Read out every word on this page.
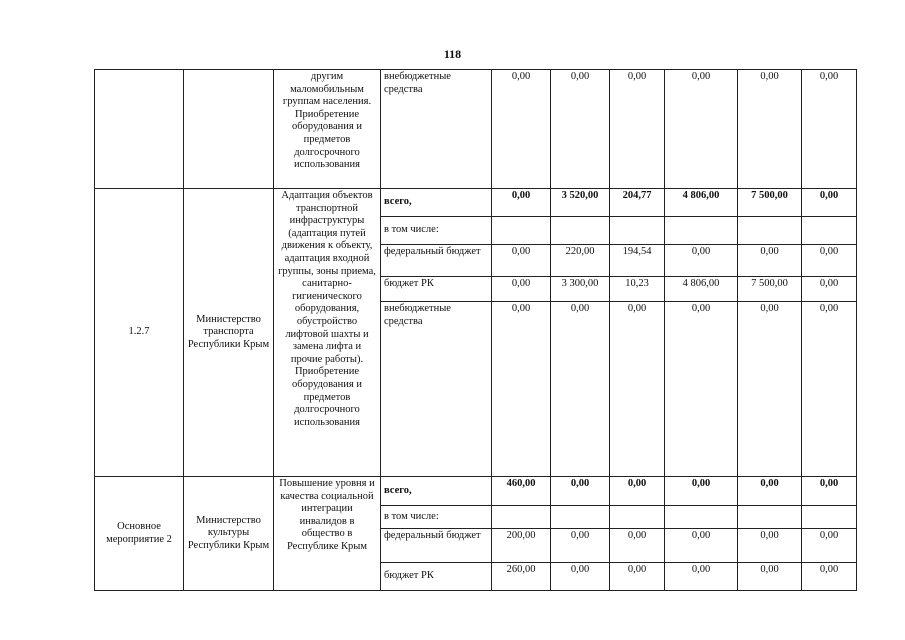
118
		другим маломобильным группам населения. Приобретение оборудования и предметов долгосрочного использования	внебюджетные средства	0,00	0,00	0,00	0,00	0,00	0,00
1.2.7	Министерство транспорта Республики Крым	Адаптация объектов транспортной инфраструктуры (адаптация путей движения к объекту, адаптация входной группы, зоны приема, санитарно-гигиенического оборудования, обустройство лифтовой шахты и замена лифта и прочие работы). Приобретение оборудования и предметов долгосрочного использования	всего,	0,00	3 520,00	204,77	4 806,00	7 500,00	0,00
			в том числе:						
			федеральный бюджет	0,00	220,00	194,54	0,00	0,00	0,00
			бюджет РК	0,00	3 300,00	10,23	4 806,00	7 500,00	0,00
			внебюджетные средства	0,00	0,00	0,00	0,00	0,00	0,00
Основное мероприятие 2	Министерство культуры Республики Крым	Повышение уровня и качества социальной интеграции инвалидов в общество в Республике Крым	всего,	460,00	0,00	0,00	0,00	0,00	0,00
			в том числе:						
			федеральный бюджет	200,00	0,00	0,00	0,00	0,00	0,00
			бюджет РК	260,00	0,00	0,00	0,00	0,00	0,00
